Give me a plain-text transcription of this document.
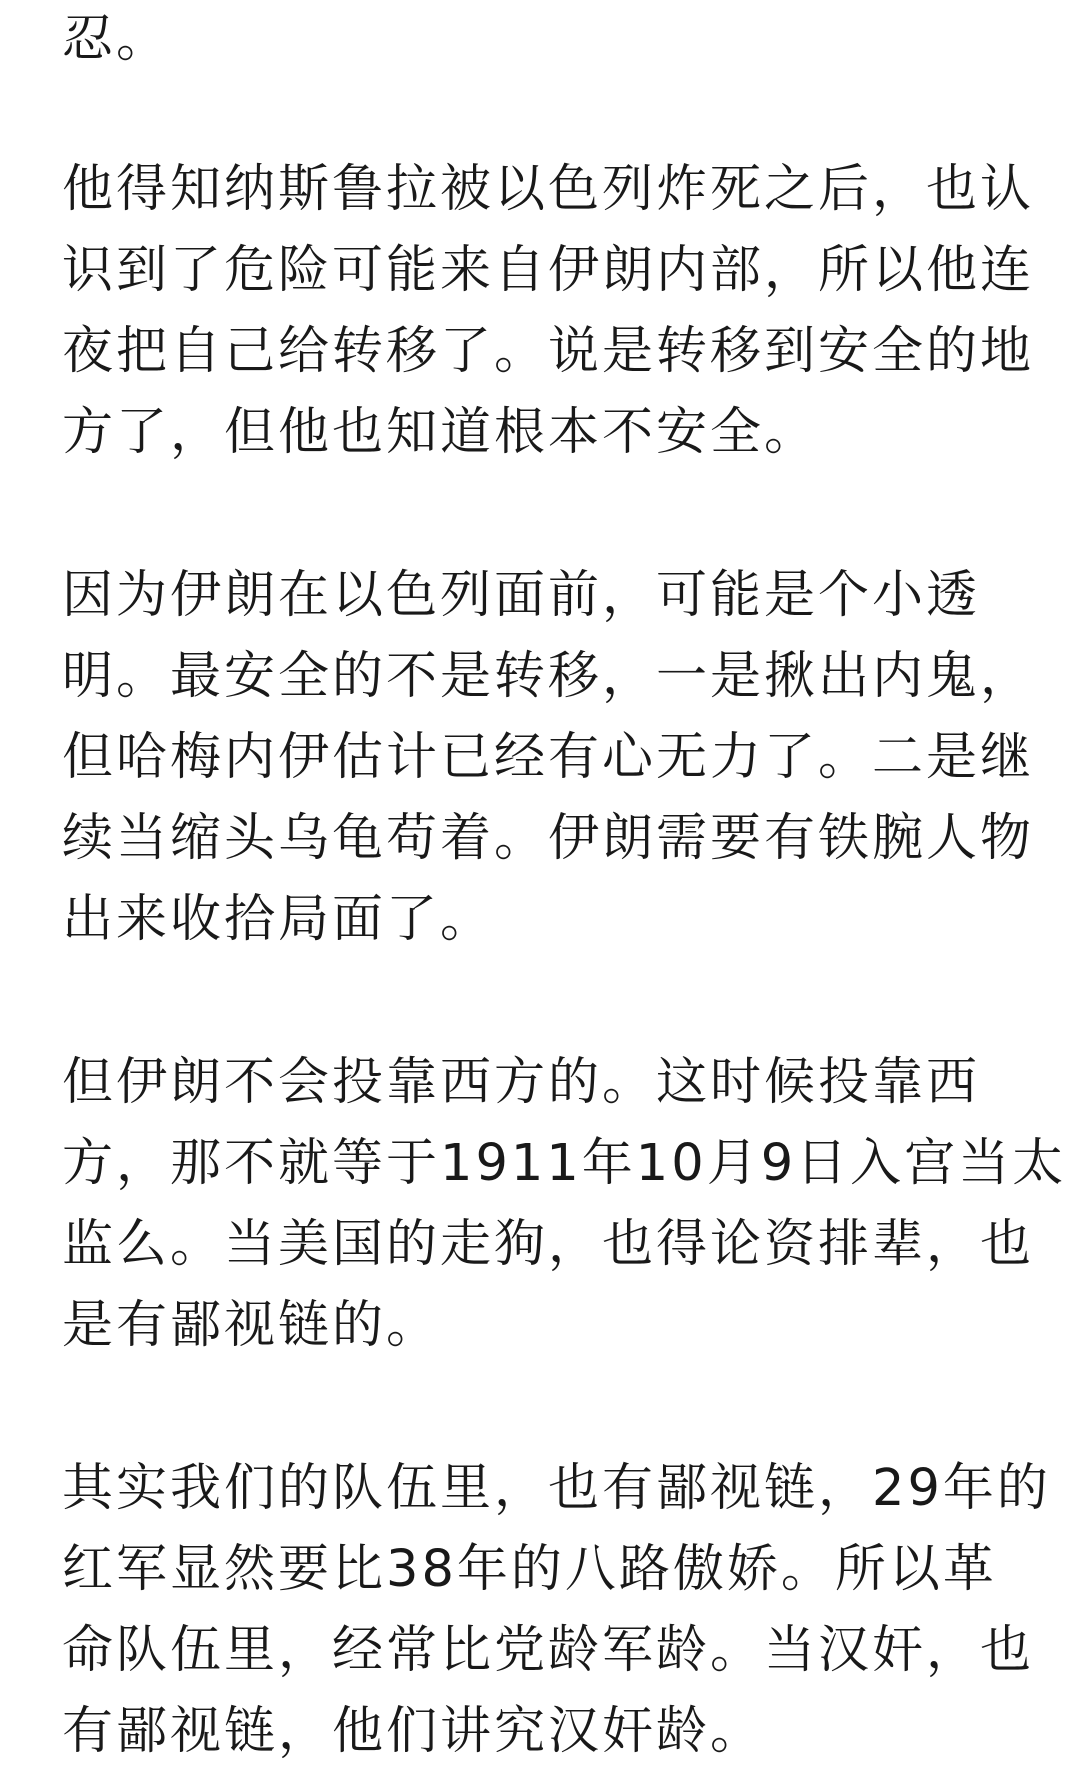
忍。

他得知纳斯鲁拉被以色列炸死之后，也认
识到了危险可能来自伊朗内部，所以他连
夜把自己给转移了。说是转移到安全的地
方了，但他也知道根本不安全。

因为伊朗在以色列面前，可能是个小透
明。最安全的不是转移，一是揪出内鬼，
但哈梅内伊估计已经有心无力了。二是继
续当缩头乌龟苟着。伊朗需要有铁腕人物
出来收拾局面了。

但伊朗不会投靠西方的。这时候投靠西
方，那不就等于1911年10月9日入宫当太
监么。当美国的走狗，也得论资排辈，也
是有鄙视链的。

其实我们的队伍里，也有鄙视链，29年的
红军显然要比38年的八路傲娇。所以革
命队伍里，经常比党龄军龄。当汉奸，也
有鄙视链，他们讲究汉奸龄。
